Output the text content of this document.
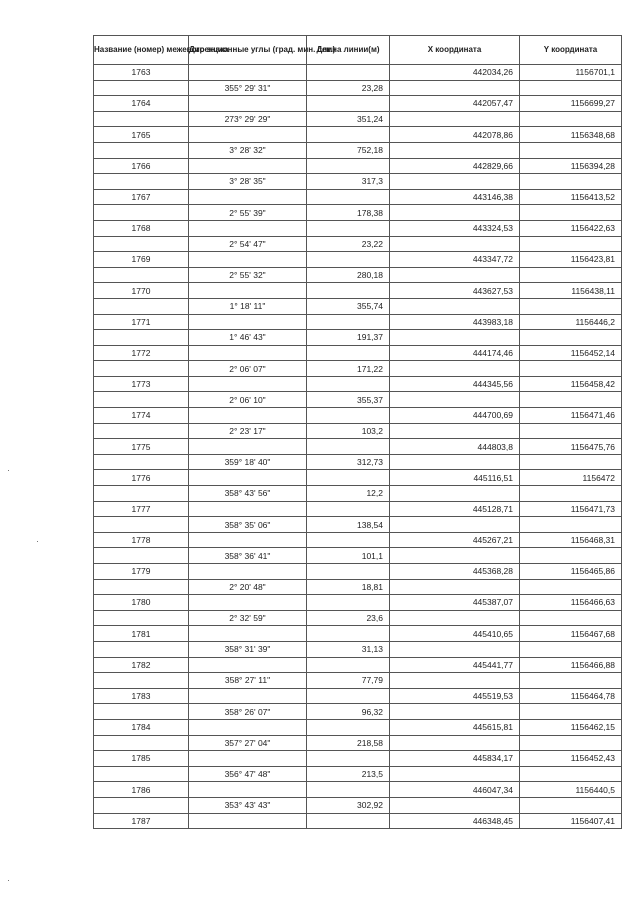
Название (номер) межевого знака	Дирекционные углы (град. мин. сек.)	Длина линии(м)	X координата	Y координата
1763			442034,26	1156701,1
	355° 29' 31"	23,28		
1764			442057,47	1156699,27
	273° 29' 29"	351,24		
1765			442078,86	1156348,68
	3° 28' 32"	752,18		
1766			442829,66	1156394,28
	3° 28' 35"	317,3		
1767			443146,38	1156413,52
	2° 55' 39"	178,38		
1768			443324,53	1156422,63
	2° 54' 47"	23,22		
1769			443347,72	1156423,81
	2° 55' 32"	280,18		
1770			443627,53	1156438,11
	1° 18' 11"	355,74		
1771			443983,18	1156446,2
	1° 46' 43"	191,37		
1772			444174,46	1156452,14
	2° 06' 07"	171,22		
1773			444345,56	1156458,42
	2° 06' 10"	355,37		
1774			444700,69	1156471,46
	2° 23' 17"	103,2		
1775			444803,8	1156475,76
	359° 18' 40"	312,73		
1776			445116,51	1156472
	358° 43' 56"	12,2		
1777			445128,71	1156471,73
	358° 35' 06"	138,54		
1778			445267,21	1156468,31
	358° 36' 41"	101,1		
1779			445368,28	1156465,86
	2° 20' 48"	18,81		
1780			445387,07	1156466,63
	2° 32' 59"	23,6		
1781			445410,65	1156467,68
	358° 31' 39"	31,13		
1782			445441,77	1156466,88
	358° 27' 11"	77,79		
1783			445519,53	1156464,78
	358° 26' 07"	96,32		
1784			445615,81	1156462,15
	357° 27' 04"	218,58		
1785			445834,17	1156452,43
	356° 47' 48"	213,5		
1786			446047,34	1156440,5
	353° 43' 43"	302,92		
1787			446348,45	1156407,41
